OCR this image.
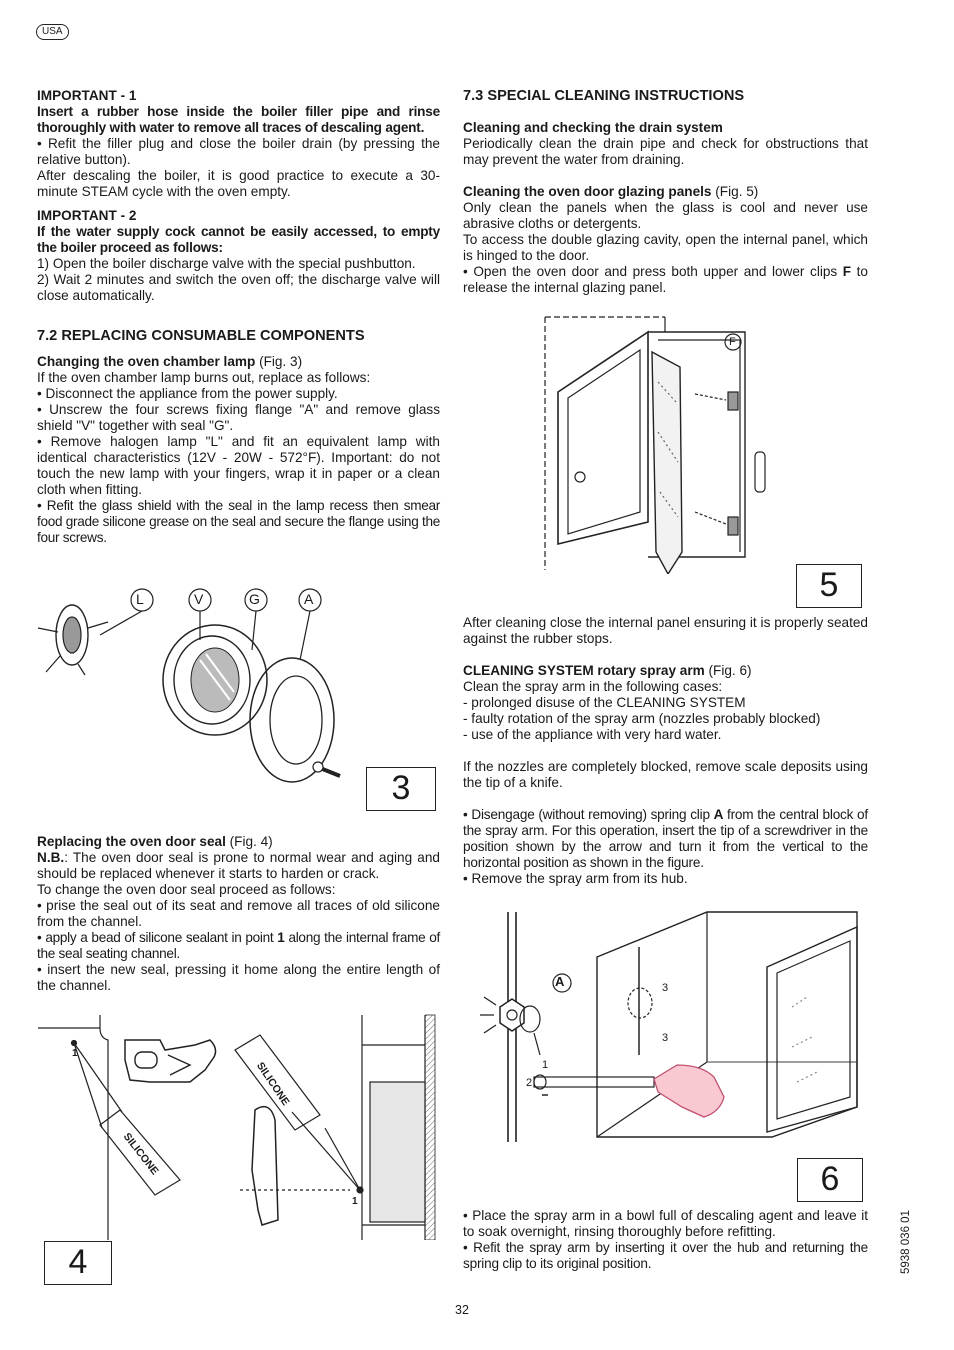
USA

IMPORTANT - 1

Insert a rubber hose inside the boiler filler pipe and rinse thoroughly with water to remove all traces of descaling agent.

• Refit the filler plug and close the boiler drain (by pressing the relative button).

After descaling the boiler, it is good practice to execute a 30-minute STEAM cycle with the oven empty.

IMPORTANT - 2

If the water supply cock cannot be easily accessed, to empty the boiler proceed as follows:

1) Open the boiler discharge valve with the special pushbutton.

2) Wait 2 minutes and switch the oven off; the discharge valve will close automatically.

7.2 REPLACING CONSUMABLE COMPONENTS

Changing the oven chamber lamp (Fig. 3)

If the oven chamber lamp burns out, replace as follows:

• Disconnect the appliance from the power supply.

• Unscrew the four screws fixing flange "A" and remove glass shield "V" together with seal "G".

• Remove halogen lamp "L" and fit an equivalent lamp with identical characteristics (12V - 20W - 572°F). Important: do not touch the new lamp with your fingers, wrap it in paper or a clean cloth when fitting.

• Refit the glass shield with the seal in the lamp recess then smear food grade silicone grease on the seal and secure the flange using the four screws.

Replacing the oven door seal (Fig. 4)

N.B.: The oven door seal is prone to normal wear and aging and should be replaced whenever it starts to harden or crack.

To change the oven door seal proceed as follows:

• prise the seal out of its seat and remove all traces of old silicone from the channel.

• apply a bead of silicone sealant in point 1 along the internal frame of the seal seating channel.

• insert the new seal, pressing it home along the entire length of the channel.

7.3 SPECIAL CLEANING INSTRUCTIONS

Cleaning and checking the drain system

Periodically clean the drain pipe and check for obstructions that may prevent the water from draining.

Cleaning the oven door glazing panels (Fig. 5)

Only clean the panels when the glass is cool and never use abrasive cloths or detergents.

To access the double glazing cavity, open the internal panel, which is hinged to the door.

• Open the oven door and press both upper and lower clips F to release the internal glazing panel.

After cleaning close the internal panel ensuring it is properly seated against the rubber stops.

CLEANING SYSTEM rotary spray arm (Fig. 6)

Clean the spray arm in the following cases:

- prolonged disuse of the CLEANING SYSTEM

- faulty rotation of the spray arm (nozzles probably blocked)

- use of the appliance with very hard water.

If the nozzles are completely blocked, remove scale deposits using the tip of a knife.

• Disengage (without removing) spring clip A from the central block of the spray arm. For this operation, insert the tip of a screwdriver in the position shown by the arrow and turn it from the vertical to the horizontal position as shown in the figure.

• Remove the spray arm from its hub.

• Place the spray arm in a bowl full of descaling agent and leave it to soak overnight, rinsing thoroughly before refitting.

• Refit the spray arm by inserting it over the hub and returning the spring clip to its original position.

L	V	G	A
3
1
1
SILICONE
SILICONE
4
F
5
A
1
2
3
3
6
5938 036 01
32
